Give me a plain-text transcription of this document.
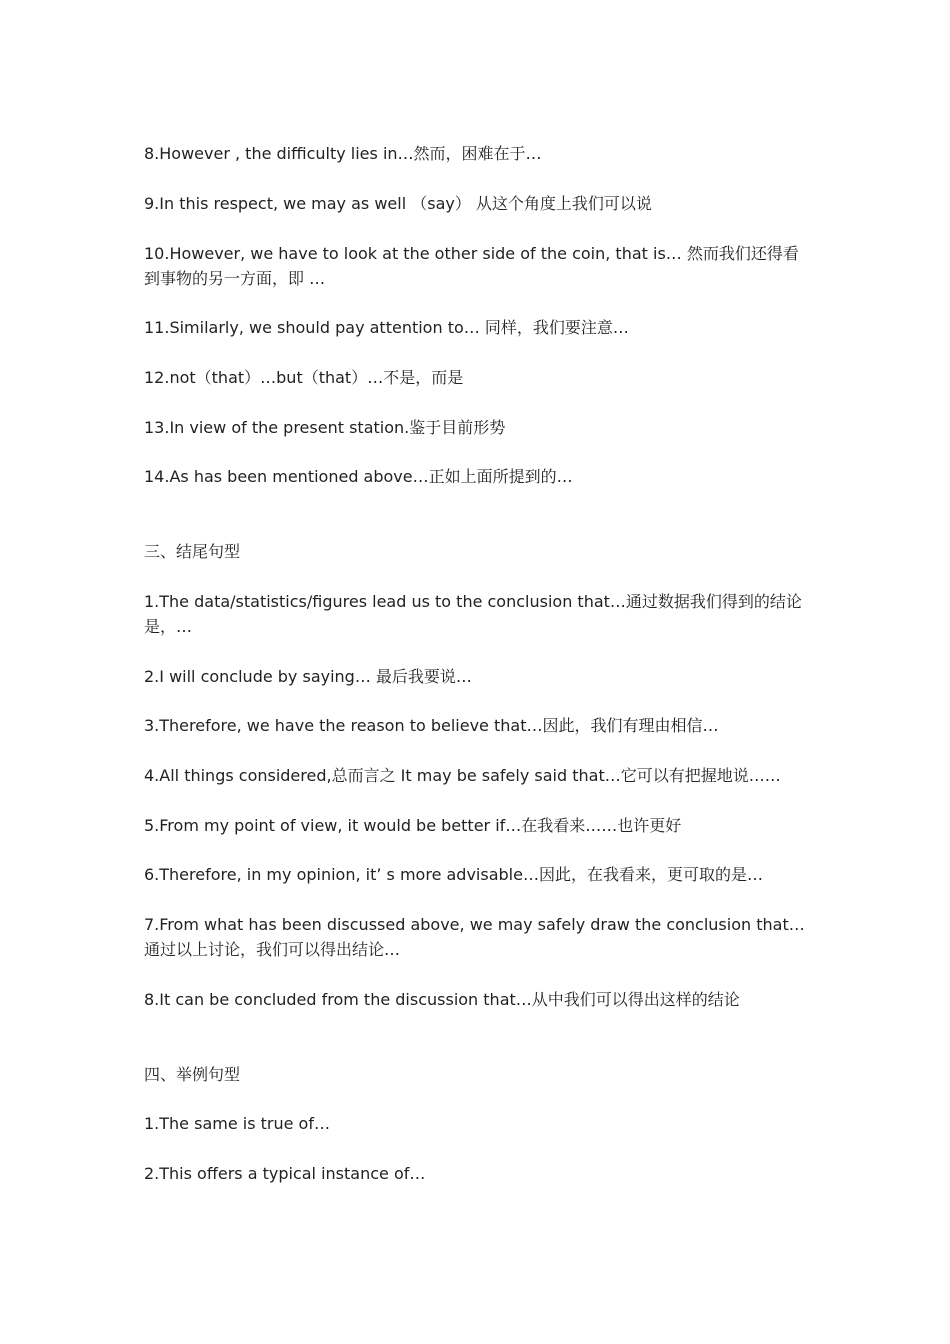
8.However , the difficulty lies in…然而，困难在于…
9.In this respect, we may as well （say） 从这个角度上我们可以说
10.However, we have to look at the other side of the coin, that is… 然而我们还得看到事物的另一方面，即 …
11.Similarly, we should pay attention to… 同样，我们要注意…
12.not（that）…but（that）…不是，而是
13.In view of the present station.鉴于目前形势
14.As has been mentioned above…正如上面所提到的…
三、结尾句型
1.The data/statistics/figures lead us to the conclusion that…通过数据我们得到的结论是，…
2.I will conclude by saying… 最后我要说…
3.Therefore, we have the reason to believe that…因此，我们有理由相信…
4.All things considered,总而言之 It may be safely said that…它可以有把握地说……
5.From my point of view, it would be better if…在我看来……也许更好
6.Therefore, in my opinion, it’ s more advisable…因此，在我看来，更可取的是…
7.From what has been discussed above, we may safely draw the conclusion that…通过以上讨论，我们可以得出结论…
8.It can be concluded from the discussion that…从中我们可以得出这样的结论
四、举例句型
1.The same is true of…
2.This offers a typical instance of…
